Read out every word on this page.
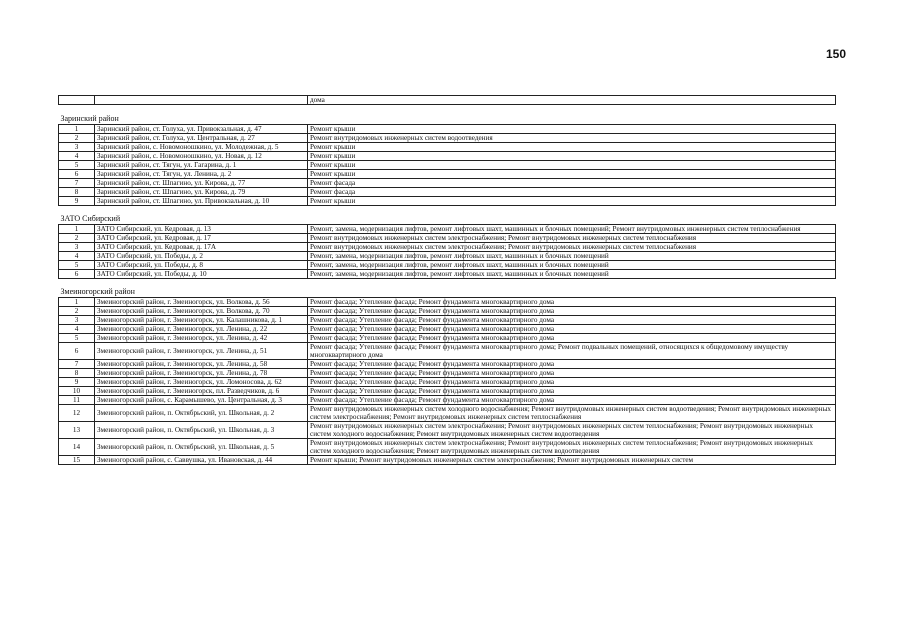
150
		дома
Заринский район		
1	Заринский район, ст. Голуха, ул. Привокзальная, д. 47	Ремонт крыши
2	Заринский район, ст. Голуха, ул. Центральная, д. 27	Ремонт внутридомовых инженерных систем водоотведения
3	Заринский район, с. Новомоношкино, ул. Молодежная, д. 5	Ремонт крыши
4	Заринский район, с. Новомоношкино, ул. Новая, д. 12	Ремонт крыши
5	Заринский район, ст. Тягун, ул. Гагарина, д. 1	Ремонт крыши
6	Заринский район, ст. Тягун, ул. Ленина, д. 2	Ремонт крыши
7	Заринский район, ст. Шпагино, ул. Кирова, д. 77	Ремонт фасада
8	Заринский район, ст. Шпагино, ул. Кирова, д. 79	Ремонт фасада
9	Заринский район, ст. Шпагино, ул. Привокзальная, д. 10	Ремонт крыши
ЗАТО Сибирский		
1	ЗАТО Сибирский, ул. Кедровая, д. 13	Ремонт, замена, модернизация лифтов, ремонт лифтовых шахт, машинных и блочных помещений; Ремонт внутридомовых инженерных систем теплоснабжения
2	ЗАТО Сибирский, ул. Кедровая, д. 17	Ремонт внутридомовых инженерных систем электроснабжения; Ремонт внутридомовых инженерных систем теплоснабжения
3	ЗАТО Сибирский, ул. Кедровая, д. 17А	Ремонт внутридомовых инженерных систем электроснабжения; Ремонт внутридомовых инженерных систем теплоснабжения
4	ЗАТО Сибирский, ул. Победы, д. 2	Ремонт, замена, модернизация лифтов, ремонт лифтовых шахт, машинных и блочных помещений
5	ЗАТО Сибирский, ул. Победы, д. 8	Ремонт, замена, модернизация лифтов, ремонт лифтовых шахт, машинных и блочных помещений
6	ЗАТО Сибирский, ул. Победы, д. 10	Ремонт, замена, модернизация лифтов, ремонт лифтовых шахт, машинных и блочных помещений
Змеиногорский район		
1	Змеиногорский район, г. Змеиногорск, ул. Волкова, д. 56	Ремонт фасада; Утепление фасада; Ремонт фундамента многоквартирного дома
2	Змеиногорский район, г. Змеиногорск, ул. Волкова, д. 70	Ремонт фасада; Утепление фасада; Ремонт фундамента многоквартирного дома
3	Змеиногорский район, г. Змеиногорск, ул. Калашникова, д. 1	Ремонт фасада; Утепление фасада; Ремонт фундамента многоквартирного дома
4	Змеиногорский район, г. Змеиногорск, ул. Ленина, д. 22	Ремонт фасада; Утепление фасада; Ремонт фундамента многоквартирного дома
5	Змеиногорский район, г. Змеиногорск, ул. Ленина, д. 42	Ремонт фасада; Утепление фасада; Ремонт фундамента многоквартирного дома
6	Змеиногорский район, г. Змеиногорск, ул. Ленина, д. 51	Ремонт фасада; Утепление фасада; Ремонт фундамента многоквартирного дома; Ремонт подвальных помещений, относящихся к общедомовому имуществу многоквартирного дома
7	Змеиногорский район, г. Змеиногорск, ул. Ленина, д. 58	Ремонт фасада; Утепление фасада; Ремонт фундамента многоквартирного дома
8	Змеиногорский район, г. Змеиногорск, ул. Ленина, д. 78	Ремонт фасада; Утепление фасада; Ремонт фундамента многоквартирного дома
9	Змеиногорский район, г. Змеиногорск, ул. Ломоносова, д. 62	Ремонт фасада; Утепление фасада; Ремонт фундамента многоквартирного дома
10	Змеиногорский район, г. Змеиногорск, пл. Разведчиков, д. 6	Ремонт фасада; Утепление фасада; Ремонт фундамента многоквартирного дома
11	Змеиногорский район, с. Карамышево, ул. Центральная, д. 3	Ремонт фасада; Утепление фасада; Ремонт фундамента многоквартирного дома
12	Змеиногорский район, п. Октябрьский, ул. Школьная, д. 2	Ремонт внутридомовых инженерных систем холодного водоснабжения; Ремонт внутридомовых инженерных систем водоотведения; Ремонт внутридомовых инженерных систем электроснабжения; Ремонт внутридомовых инженерных систем теплоснабжения
13	Змеиногорский район, п. Октябрьский, ул. Школьная, д. 3	Ремонт внутридомовых инженерных систем электроснабжения; Ремонт внутридомовых инженерных систем теплоснабжения; Ремонт внутридомовых инженерных систем холодного водоснабжения; Ремонт внутридомовых инженерных систем водоотведения
14	Змеиногорский район, п. Октябрьский, ул. Школьная, д. 5	Ремонт внутридомовых инженерных систем электроснабжения; Ремонт внутридомовых инженерных систем теплоснабжения; Ремонт внутридомовых инженерных систем холодного водоснабжения; Ремонт внутридомовых инженерных систем водоотведения
15	Змеиногорский район, с. Саввушка, ул. Ивановская, д. 44	Ремонт крыши; Ремонт внутридомовых инженерных систем электроснабжения; Ремонт внутридомовых инженерных систем
